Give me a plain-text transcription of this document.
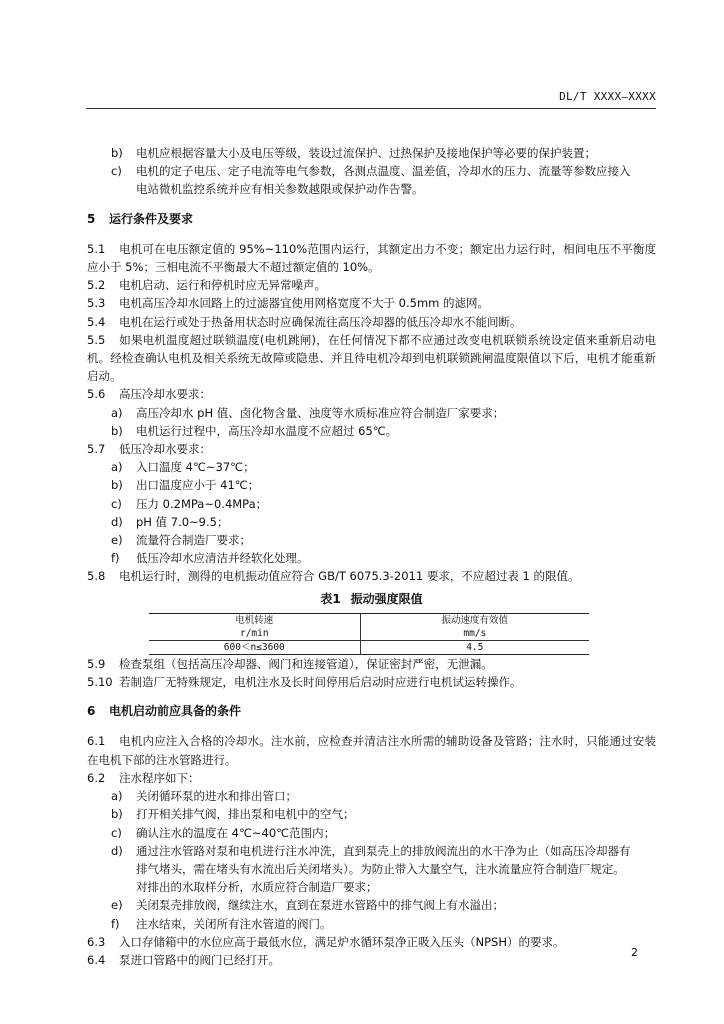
DL/T XXXX—XXXX
b) 电机应根据容量大小及电压等级，装设过流保护、过热保护及接地保护等必要的保护装置；
c) 电机的定子电压、定子电流等电气参数，各测点温度、温差值，冷却水的压力、流量等参数应接入电站微机监控系统并应有相关参数越限或保护动作告警。
5 运行条件及要求
5.1 电机可在电压额定值的 95%~110%范围内运行，其额定出力不变；额定出力运行时，相间电压不平衡度应小于 5%；三相电流不平衡最大不超过额定值的 10%。
5.2 电机启动、运行和停机时应无异常噪声。
5.3 电机高压冷却水回路上的过滤器宜使用网格宽度不大于 0.5mm 的滤网。
5.4 电机在运行或处于热备用状态时应确保流往高压冷却器的低压冷却水不能间断。
5.5 如果电机温度超过联锁温度(电机跳闸)，在任何情况下都不应通过改变电机联锁系统设定值来重新启动电机。经检查确认电机及相关系统无故障或隐患、并且待电机冷却到电机联锁跳闸温度限值以下后，电机才能重新启动。
5.6 高压冷却水要求：
a) 高压冷却水 pH 值、卤化物含量、浊度等水质标准应符合制造厂家要求；
b) 电机运行过程中，高压冷却水温度不应超过 65℃。
5.7 低压冷却水要求：
a) 入口温度 4℃~37℃；
b) 出口温度应小于 41℃；
c) 压力 0.2MPa~0.4MPa；
d) pH 值 7.0~9.5；
e) 流量符合制造厂要求；
f) 低压冷却水应清洁并经软化处理。
5.8 电机运行时，测得的电机振动值应符合 GB/T 6075.3-2011 要求，不应超过表 1 的限值。
表1 振动强度限值
电机转速	振动速度有效值
r/min	mm/s
600＜n≤3600	4.5
5.9 检查泵组（包括高压冷却器、阀门和连接管道），保证密封严密，无泄漏。
5.10 若制造厂无特殊规定，电机注水及长时间停用后启动时应进行电机试运转操作。
6 电机启动前应具备的条件
6.1 电机内应注入合格的冷却水。注水前，应检查并清洁注水所需的辅助设备及管路；注水时，只能通过安装在电机下部的注水管路进行。
6.2 注水程序如下：
a) 关闭循环泵的进水和排出管口；
b) 打开相关排气阀，排出泵和电机中的空气；
c) 确认注水的温度在 4℃~40℃范围内；
d) 通过注水管路对泵和电机进行注水冲洗，直到泵壳上的排放阀流出的水干净为止（如高压冷却器有排气堵头，需在堵头有水流出后关闭堵头）。为防止带入大量空气，注水流量应符合制造厂规定。对排出的水取样分析，水质应符合制造厂要求；
e) 关闭泵壳排放阀，继续注水，直到在泵进水管路中的排气阀上有水溢出；
f) 注水结束，关闭所有注水管道的阀门。
6.3 入口存储箱中的水位应高于最低水位，满足炉水循环泵净正吸入压头（NPSH）的要求。
6.4 泵进口管路中的阀门已经打开。
2
